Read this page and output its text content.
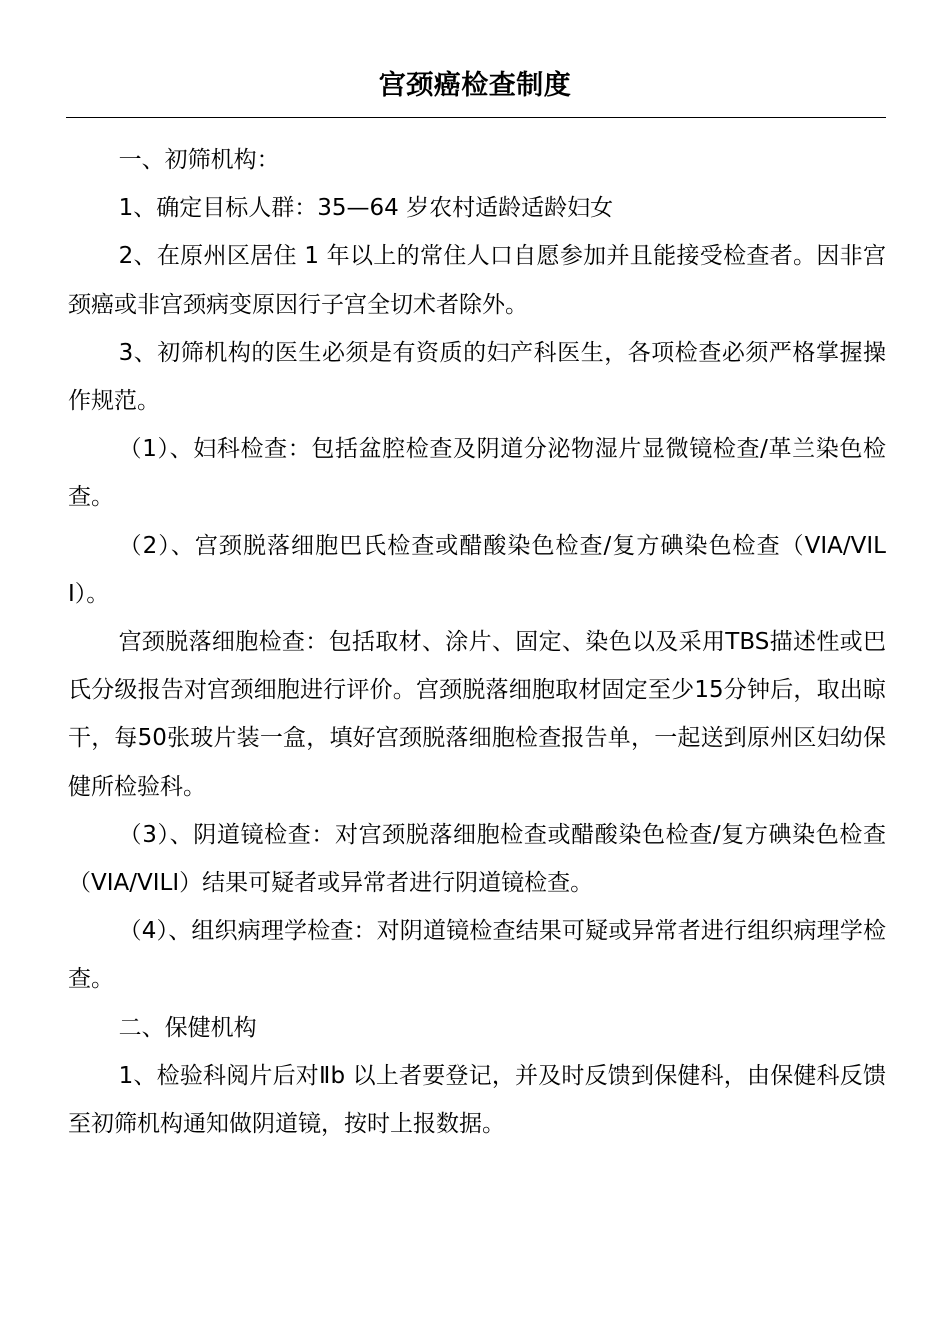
宫颈癌检查制度

一、初筛机构：

1、确定目标人群：35—64 岁农村适龄适龄妇女

2、在原州区居住 1 年以上的常住人口自愿参加并且能接受检查者。因非宫颈癌或非宫颈病变原因行子宫全切术者除外。

3、初筛机构的医生必须是有资质的妇产科医生，各项检查必须严格掌握操作规范。

（1）、妇科检查：包括盆腔检查及阴道分泌物湿片显微镜检查/革兰染色检查。

（2）、宫颈脱落细胞巴氏检查或醋酸染色检查/复方碘染色检查（VIA/VILI）。

宫颈脱落细胞检查：包括取材、涂片、固定、染色以及采用TBS描述性或巴氏分级报告对宫颈细胞进行评价。宫颈脱落细胞取材固定至少15分钟后，取出晾干，每50张玻片装一盒，填好宫颈脱落细胞检查报告单，一起送到原州区妇幼保健所检验科。

（3）、阴道镜检查：对宫颈脱落细胞检查或醋酸染色检查/复方碘染色检查（VIA/VILI）结果可疑者或异常者进行阴道镜检查。

（4）、组织病理学检查：对阴道镜检查结果可疑或异常者进行组织病理学检查。

二、保健机构

1、检验科阅片后对Ⅱb 以上者要登记，并及时反馈到保健科，由保健科反馈至初筛机构通知做阴道镜，按时上报数据。
